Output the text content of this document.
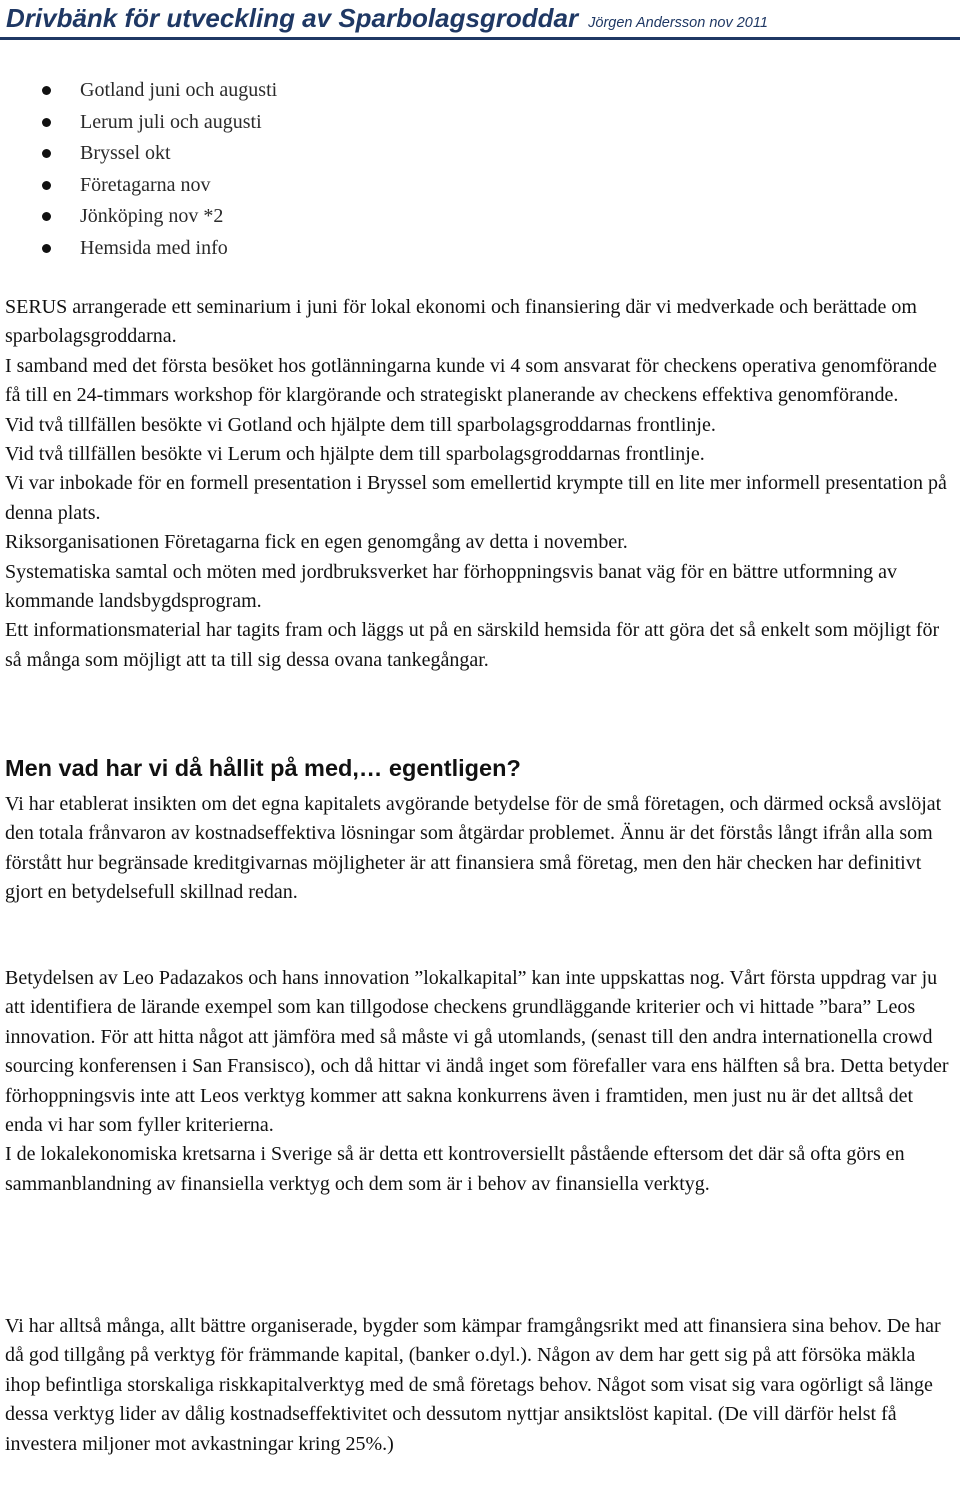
Drivbänk för utveckling av Sparbolagsgroddar Jörgen Andersson nov 2011
Gotland juni och augusti
Lerum juli och augusti
Bryssel okt
Företagarna nov
Jönköping nov *2
Hemsida med info

SERUS arrangerade ett seminarium i juni för lokal ekonomi och finansiering där vi medverkade och berättade om sparbolagsgroddarna.

I samband med det första besöket hos gotlänningarna kunde vi 4 som ansvarat för checkens operativa genomförande få till en 24-timmars workshop för klargörande och strategiskt planerande av checkens effektiva genomförande.

Vid två tillfällen besökte vi Gotland och hjälpte dem till sparbolagsgroddarnas frontlinje.

Vid två tillfällen besökte vi Lerum och hjälpte dem till sparbolagsgroddarnas frontlinje.

Vi var inbokade för en formell presentation i Bryssel som emellertid krympte till en lite mer informell presentation på denna plats.

Riksorganisationen Företagarna fick en egen genomgång av detta i november.

Systematiska samtal och möten med jordbruksverket har förhoppningsvis banat väg för en bättre utformning av kommande landsbygdsprogram.

Ett informationsmaterial har tagits fram och läggs ut på en särskild hemsida för att göra det så enkelt som möjligt för så många som möjligt att ta till sig dessa ovana tankegångar.

Men vad har vi då hållit på med,… egentligen?

Vi har etablerat insikten om det egna kapitalets avgörande betydelse för de små företagen, och därmed också avslöjat den totala frånvaron av kostnadseffektiva lösningar som åtgärdar problemet. Ännu är det förstås långt ifrån alla som förstått hur begränsade kreditgivarnas möjligheter är att finansiera små företag, men den här checken har definitivt gjort en betydelsefull skillnad redan.

Betydelsen av Leo Padazakos och hans innovation ”lokalkapital” kan inte uppskattas nog. Vårt första uppdrag var ju att identifiera de lärande exempel som kan tillgodose checkens grundläggande kriterier och vi hittade ”bara” Leos innovation. För att hitta något att jämföra med så måste vi gå utomlands, (senast till den andra internationella crowd sourcing konferensen i San Fransisco), och då hittar vi ändå inget som förefaller vara ens hälften så bra. Detta betyder förhoppningsvis inte att Leos verktyg kommer att sakna konkurrens även i framtiden, men just nu är det alltså det enda vi har som fyller kriterierna.

I de lokalekonomiska kretsarna i Sverige så är detta ett kontroversiellt påstående eftersom det där så ofta görs en sammanblandning av finansiella verktyg och dem som är i behov av finansiella verktyg.

Vi har alltså många, allt bättre organiserade, bygder som kämpar framgångsrikt med att finansiera sina behov. De har då god tillgång på verktyg för främmande kapital, (banker o.dyl.). Någon av dem har gett sig på att försöka mäkla ihop befintliga storskaliga riskkapitalverktyg med de små företags behov. Något som visat sig vara ogörligt så länge dessa verktyg lider av dålig kostnadseffektivitet och dessutom nyttjar ansiktslöst kapital. (De vill därför helst få investera miljoner mot avkastningar kring 25%.)
